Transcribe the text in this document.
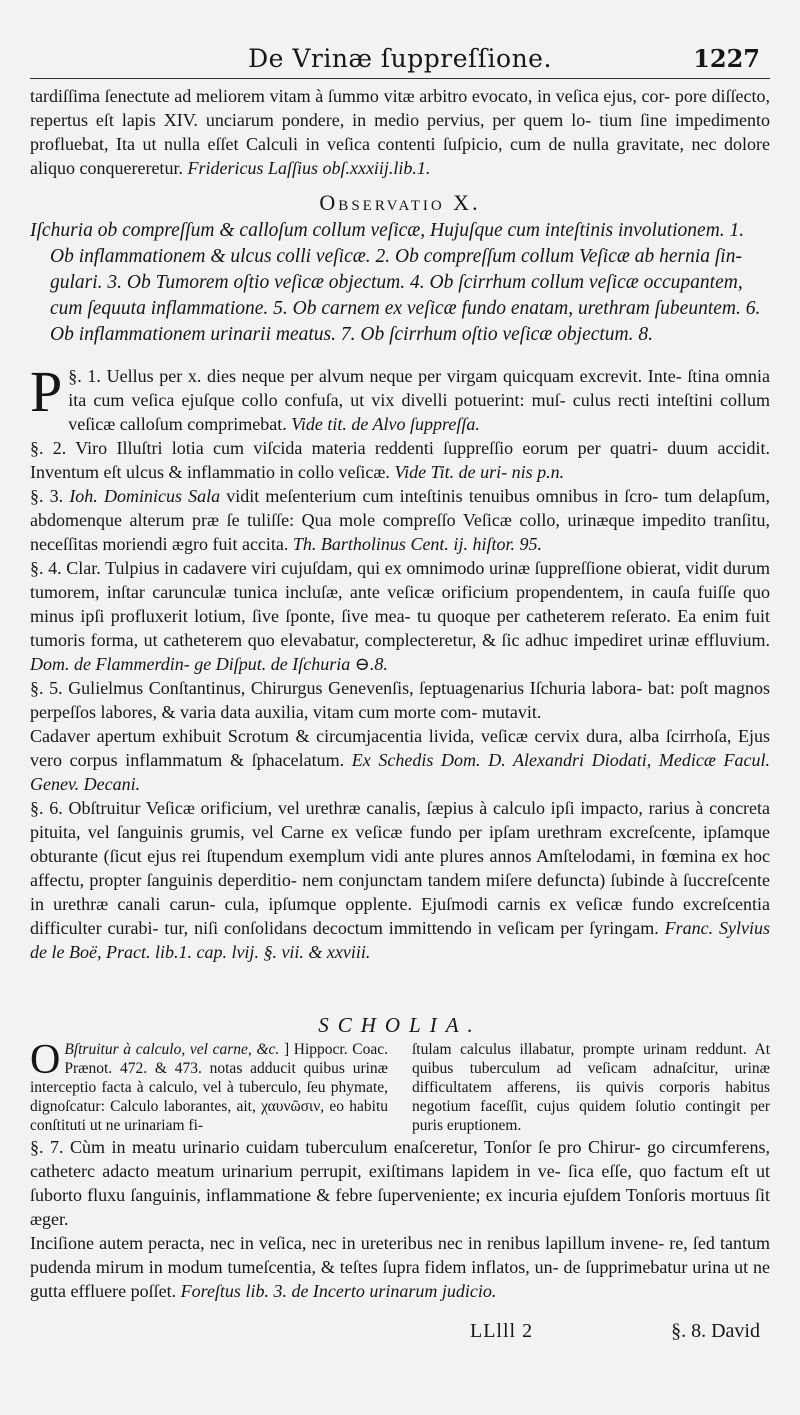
De Vrinæ ſuppreſſione.	1227

tardiſſima ſenectute ad meliorem vitam à ſummo vitæ arbitro evocato, in veſica ejus, cor- pore diſſecto, repertus eſt lapis XIV. unciarum pondere, in medio pervius, per quem lo- tium ſine impedimento profluebat, Ita ut nulla eſſet Calculi in veſica contenti ſuſpicio, cum de nulla gravitate, nec dolore aliquo conquereretur. Fridericus Laſſius obſ.xxxiij.lib.1.

Observatio X.

Iſchuria ob compreſſum & calloſum collum veſicæ, Hujuſque cum inteſtinis involutionem. 1. Ob inflammationem & ulcus colli veſicæ. 2. Ob compreſſum collum Veſicæ ab hernia ſin- gulari. 3. Ob Tumorem oſtio veſicæ objectum. 4. Ob ſcirrhum collum veſicæ occupantem, cum ſequuta inflammatione. 5. Ob carnem ex veſicæ fundo enatam, urethram ſubeuntem. 6. Ob inflammationem urinarii meatus. 7. Ob ſcirrhum oſtio veſicæ objectum. 8.

§. 1.
P Uellus per x. dies neque per alvum neque per virgam quicquam excrevit. Inte- ſtina omnia ita cum veſica ejuſque collo confuſa, ut vix divelli potuerint: muſ- culus recti inteſtini collum veſicæ calloſum comprimebat. Vide tit. de Alvo ſuppreſſa.

§. 2. Viro Illuſtri lotia cum viſcida materia reddenti ſuppreſſio eorum per quatri- duum accidit. Inventum eſt ulcus & inflammatio in collo veſicæ. Vide Tit. de uri- nis p.n.

§. 3. Ioh. Dominicus Sala vidit meſenterium cum inteſtinis tenuibus omnibus in ſcro- tum delapſum, abdomenque alterum præ ſe tuliſſe: Qua mole compreſſo Veſicæ collo, urinæque impedito tranſitu, neceſſitas moriendi ægro fuit accita. Th. Bartholinus Cent. ij. hiſtor. 95.

§. 4. Clar. Tulpius in cadavere viri cujuſdam, qui ex omnimodo urinæ ſuppreſſione obierat, vidit durum tumorem, inſtar carunculæ tunica incluſæ, ante veſicæ orificium propendentem, in cauſa fuiſſe quo minus ipſi profluxerit lotium, ſive ſponte, ſive mea- tu quoque per catheterem reſerato. Ea enim fuit tumoris forma, ut catheterem quo elevabatur, complecteretur, & ſic adhuc impediret urinæ effluvium. Dom. de Flammerdin- ge Diſput. de Iſchuria ⊖.8.

§. 5. Gulielmus Conſtantinus, Chirurgus Genevenſis, ſeptuagenarius Iſchuria labora- bat: poſt magnos perpeſſos labores, & varia data auxilia, vitam cum morte com- mutavit.

Cadaver apertum exhibuit Scrotum & circumjacentia livida, veſicæ cervix dura, alba ſcirrhoſa, Ejus vero corpus inflammatum & ſphacelatum. Ex Schedis Dom. D. Alexandri Diodati, Medicæ Facul. Genev. Decani.

§. 6. Obſtruitur Veſicæ orificium, vel urethræ canalis, ſæpius à calculo ipſi impacto, rarius à concreta pituita, vel ſanguinis grumis, vel Carne ex veſicæ fundo per ipſam urethram excreſcente, ipſamque obturante (ſicut ejus rei ſtupendum exemplum vidi ante plures annos Amſtelodami, in fœmina ex hoc affectu, propter ſanguinis deperditio- nem conjunctam tandem miſere defuncta) ſubinde à ſuccreſcente in urethræ canali carun- cula, ipſumque opplente. Ejuſmodi carnis ex veſicæ fundo excreſcentia difficulter curabi- tur, niſi conſolidans decoctum immittendo in veſicam per ſyringam. Franc. Sylvius de le Boë, Pract. lib.1. cap. lvij. §. vii. & xxviii.

SCHOLIA.

O Bſtruitur à calculo, vel carne, &c. ] Hippocr. Coac. Prænot. 472. & 473. notas adducit quibus urinæ interceptio facta à calculo, vel à tuberculo, ſeu phymate, dignoſcatur: Calculo laborantes, ait, χαυνῶσιν, eo habitu conſtituti ut ne urinariam fi-

ſtulam calculus illabatur, prompte urinam reddunt. At quibus tuberculum ad veſicam adnaſcitur, urinæ difficultatem afferens, iis quivis corporis habitus negotium faceſſit, cujus quidem ſolutio contingit per puris eruptionem.

§. 7. Cùm in meatu urinario cuidam tuberculum enaſceretur, Tonſor ſe pro Chirur- go circumferens, catheterc adacto meatum urinarium perrupit, exiſtimans lapidem in ve- ſica eſſe, quo factum eſt ut ſuborto fluxu ſanguinis, inflammatione & febre ſuperveniente; ex incuria ejuſdem Tonſoris mortuus ſit æger.

Inciſione autem peracta, nec in veſica, nec in ureteribus nec in renibus lapillum invene- re, ſed tantum pudenda mirum in modum tumeſcentia, & teſtes ſupra fidem inflatos, un- de ſupprimebatur urina ut ne gutta effluere poſſet. Foreſtus lib. 3. de Incerto urinarum judicio.

LLlll 2	§. 8. David
